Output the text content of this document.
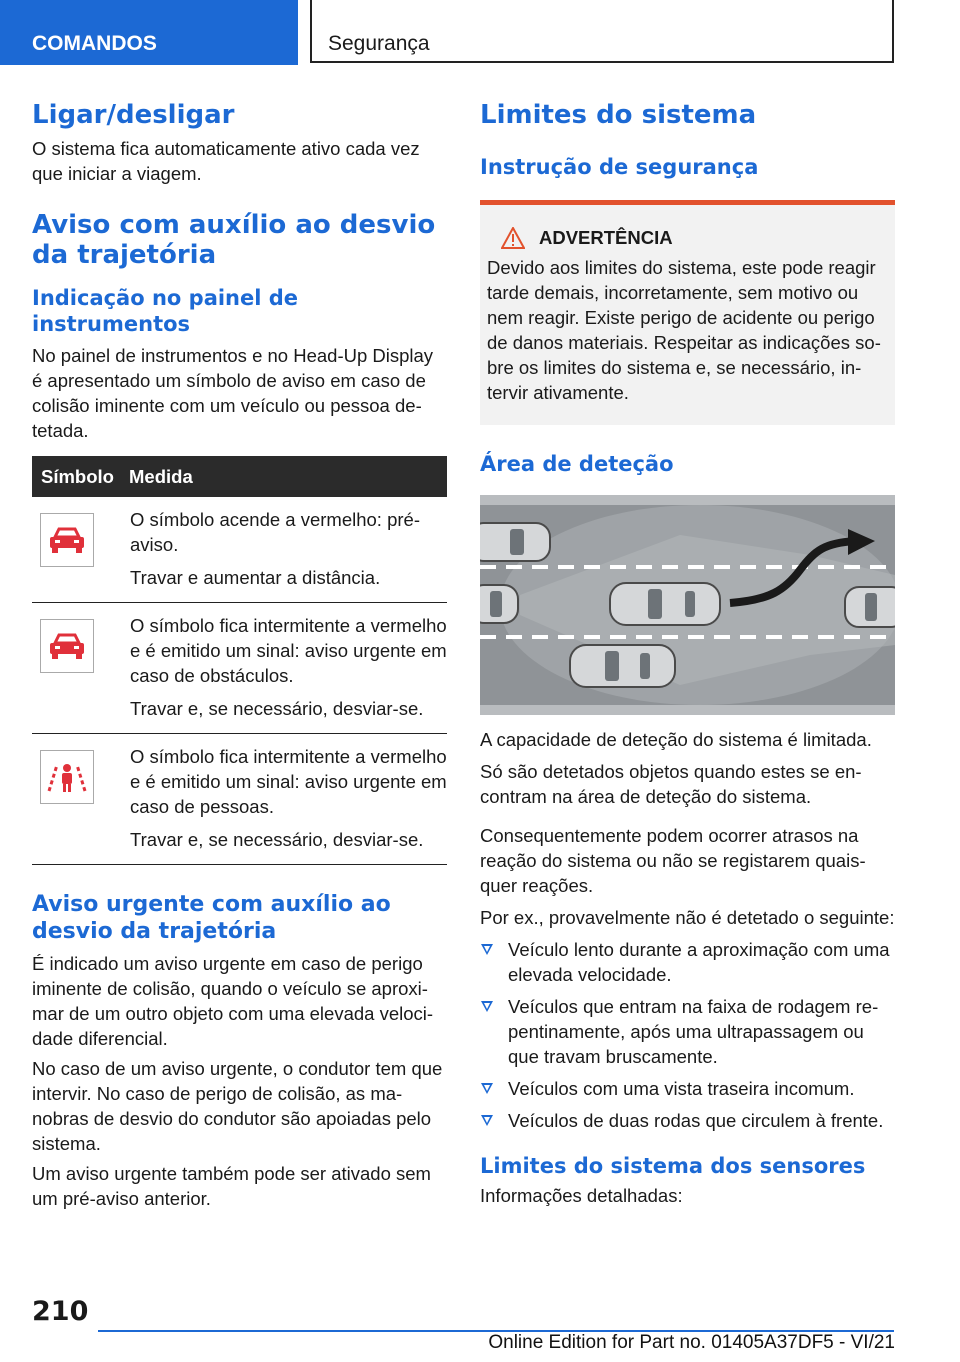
COMANDOS	Segurança
Ligar/desligar

O sistema fica automaticamente ativo cada vez que iniciar a viagem.

Aviso com auxílio ao desvio da trajetória
Indicação no painel de instrumentos

No painel de instrumentos e no Head-Up Display é apresentado um símbolo de aviso em caso de colisão iminente com um veículo ou pessoa detetada.

Símbolo Medida

O símbolo acende a vermelho: pré-aviso.

Travar e aumentar a distância.

O símbolo fica intermitente a vermelho e é emitido um sinal: aviso urgente em caso de obstáculos.

Travar e, se necessário, desviar-se.

O símbolo fica intermitente a vermelho e é emitido um sinal: aviso urgente em caso de pessoas.

Travar e, se necessário, desviar-se.

Aviso urgente com auxílio ao desvio da trajetória

É indicado um aviso urgente em caso de perigo iminente de colisão, quando o veículo se aproximar de um outro objeto com uma elevada velocidade diferencial.

No caso de um aviso urgente, o condutor tem que intervir. No caso de perigo de colisão, as manobras de desvio do condutor são apoiadas pelo sistema.

Um aviso urgente também pode ser ativado sem um pré-aviso anterior.

Limites do sistema
Instrução de segurança
ADVERTÊNCIA

Devido aos limites do sistema, este pode reagir tarde demais, incorretamente, sem motivo ou nem reagir. Existe perigo de acidente ou perigo de danos materiais. Respeitar as indicações sobre os limites do sistema e, se necessário, intervir ativamente.

Área de deteção

A capacidade de deteção do sistema é limitada.

Só são detetados objetos quando estes se encontram na área de deteção do sistema.

Consequentemente podem ocorrer atrasos na reação do sistema ou não se registarem quaisquer reações.

Por ex., provavelmente não é detetado o seguinte:

Veículo lento durante a aproximação com uma elevada velocidade.
Veículos que entram na faixa de rodagem repentinamente, após uma ultrapassagem ou que travam bruscamente.
Veículos com uma vista traseira incomum.
Veículos de duas rodas que circulem à frente.
Limites do sistema dos sensores

Informações detalhadas:

210
Online Edition for Part no. 01405A37DF5 - VI/21
